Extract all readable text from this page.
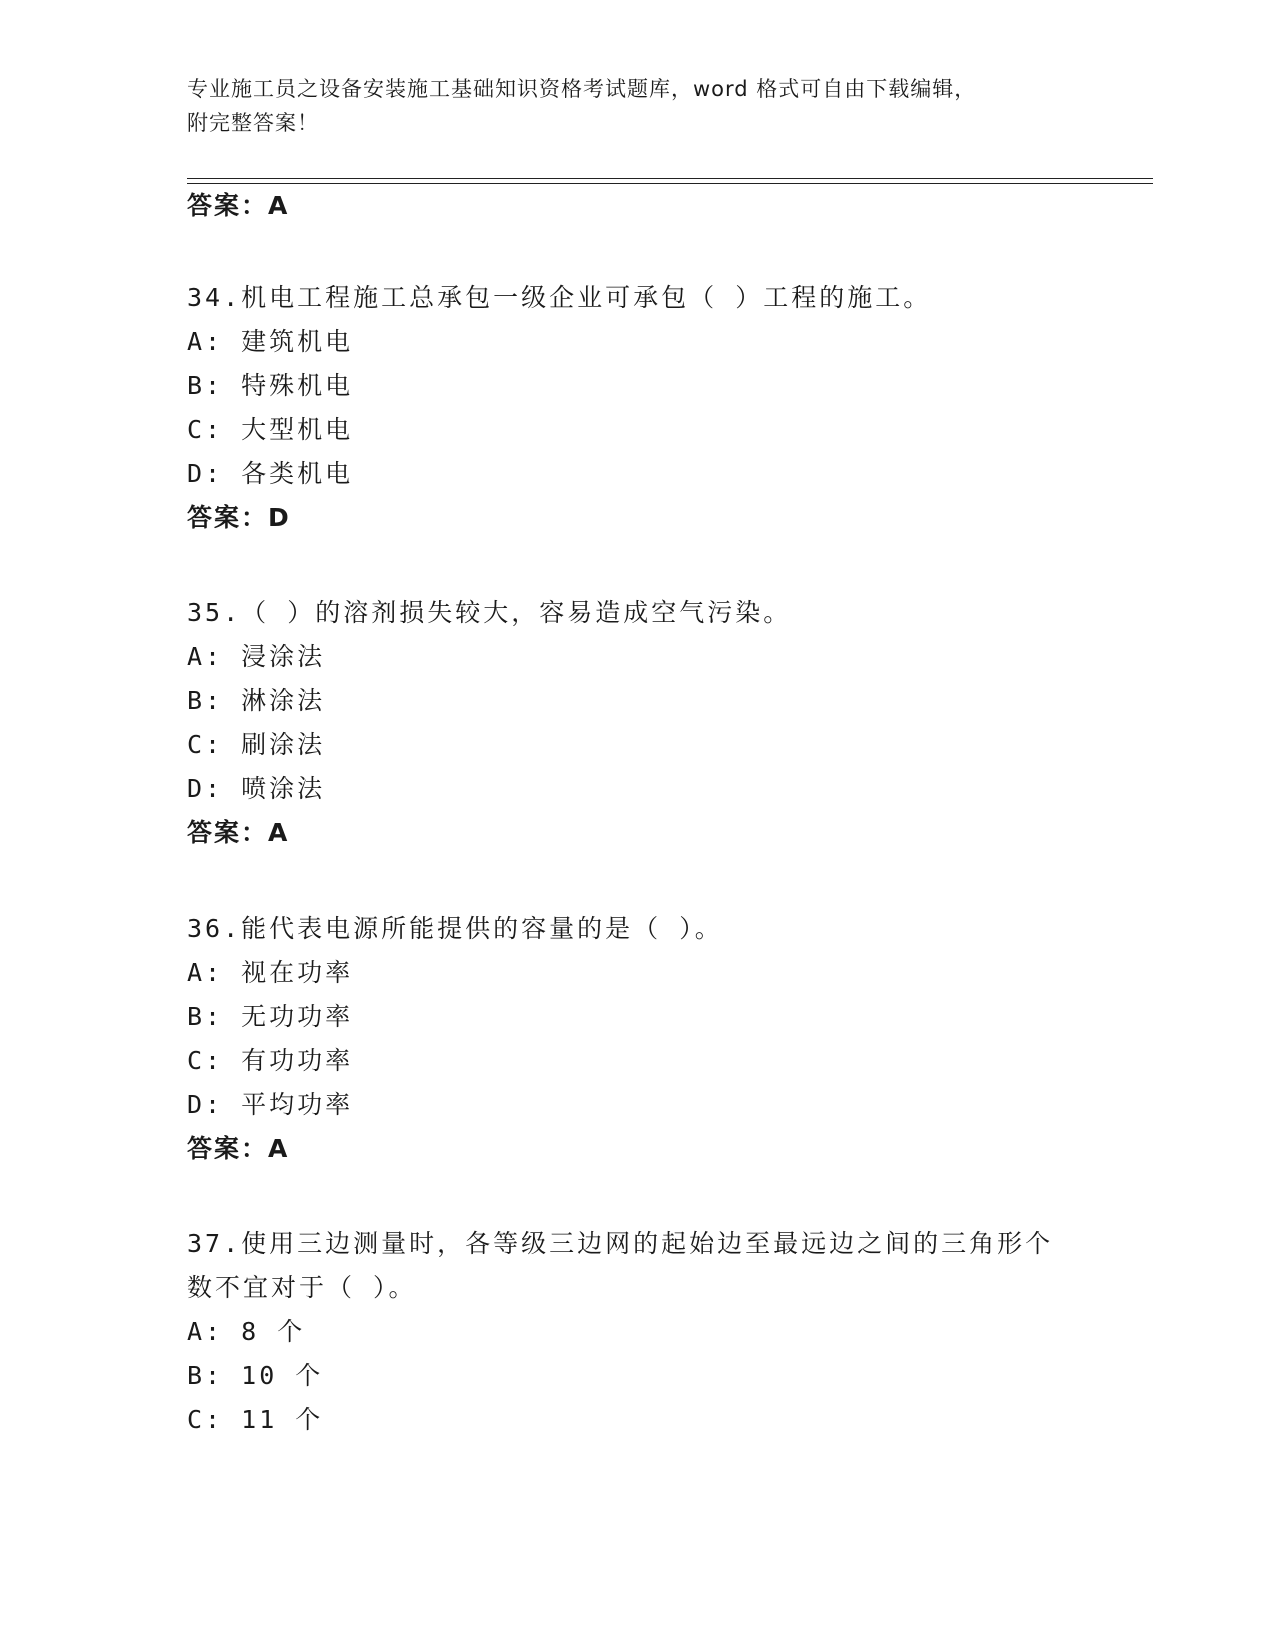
专业施工员之设备安装施工基础知识资格考试题库，word 格式可自由下载编辑，
附完整答案！
答案：A
34.机电工程施工总承包一级企业可承包（ ）工程的施工。
A: 建筑机电
B: 特殊机电
C: 大型机电
D: 各类机电
答案：D
35.（ ）的溶剂损失较大，容易造成空气污染。
A: 浸涂法
B: 淋涂法
C: 刷涂法
D: 喷涂法
答案：A
36.能代表电源所能提供的容量的是（ ）。
A: 视在功率
B: 无功功率
C: 有功功率
D: 平均功率
答案：A
37.使用三边测量时，各等级三边网的起始边至最远边之间的三角形个
数不宜对于（ ）。
A: 8 个
B: 10 个
C: 11 个
